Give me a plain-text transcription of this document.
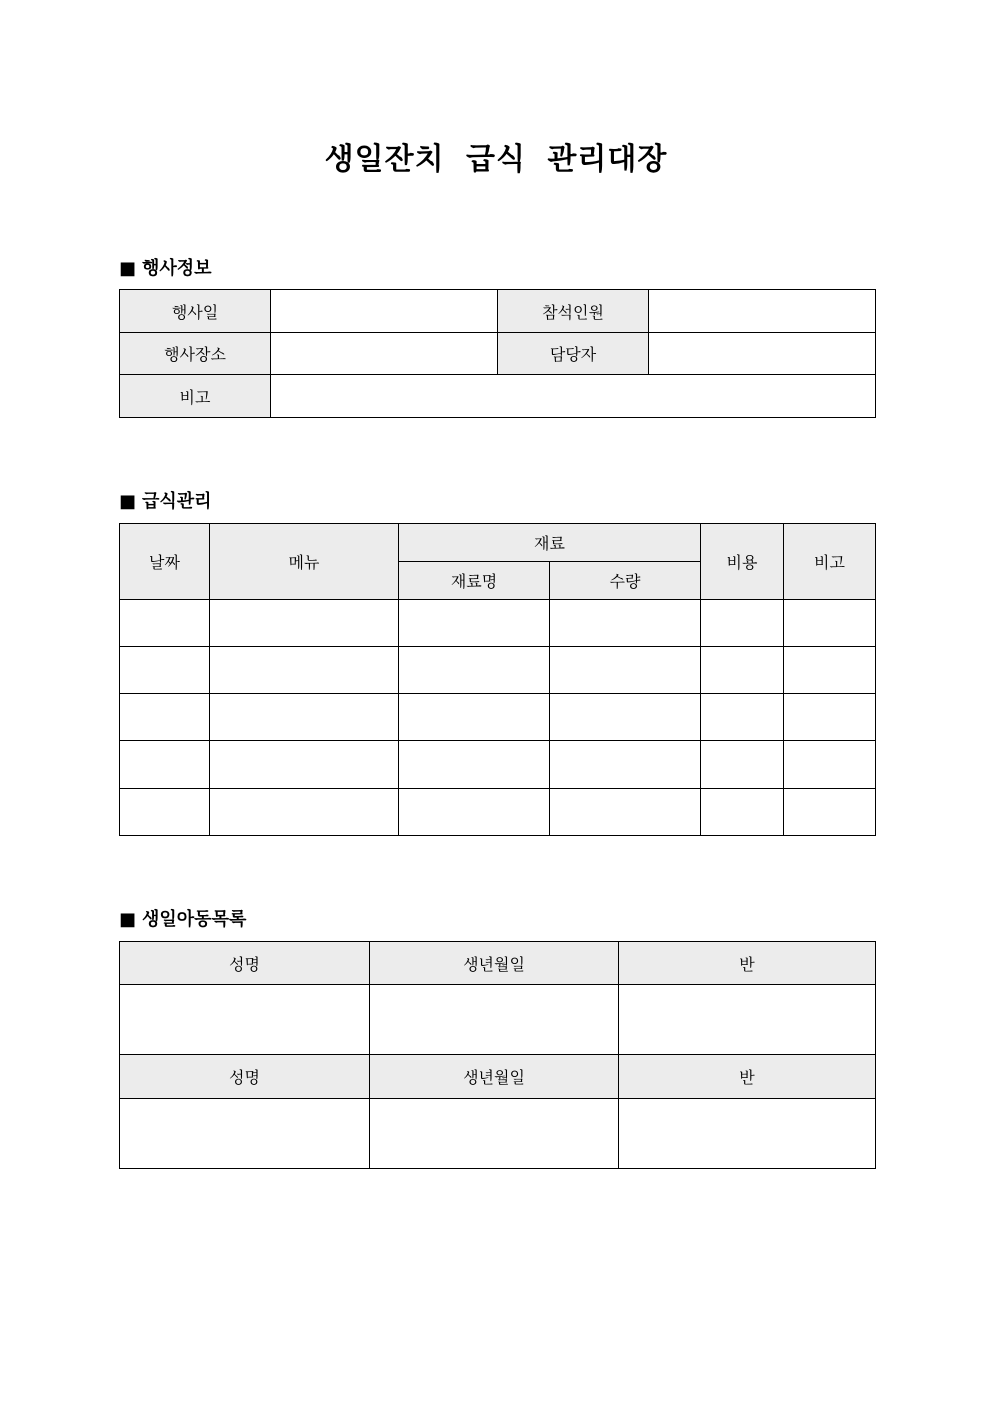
생일잔치 급식 관리대장
■ 행사정보
행사일		참석인원	
행사장소		담당자	
비고			
■ 급식관리
날짜	메뉴	재료		비용	비고
		재료명	수량		

■ 생일아동목록
성명	생년월일	반

성명	생년월일	반
